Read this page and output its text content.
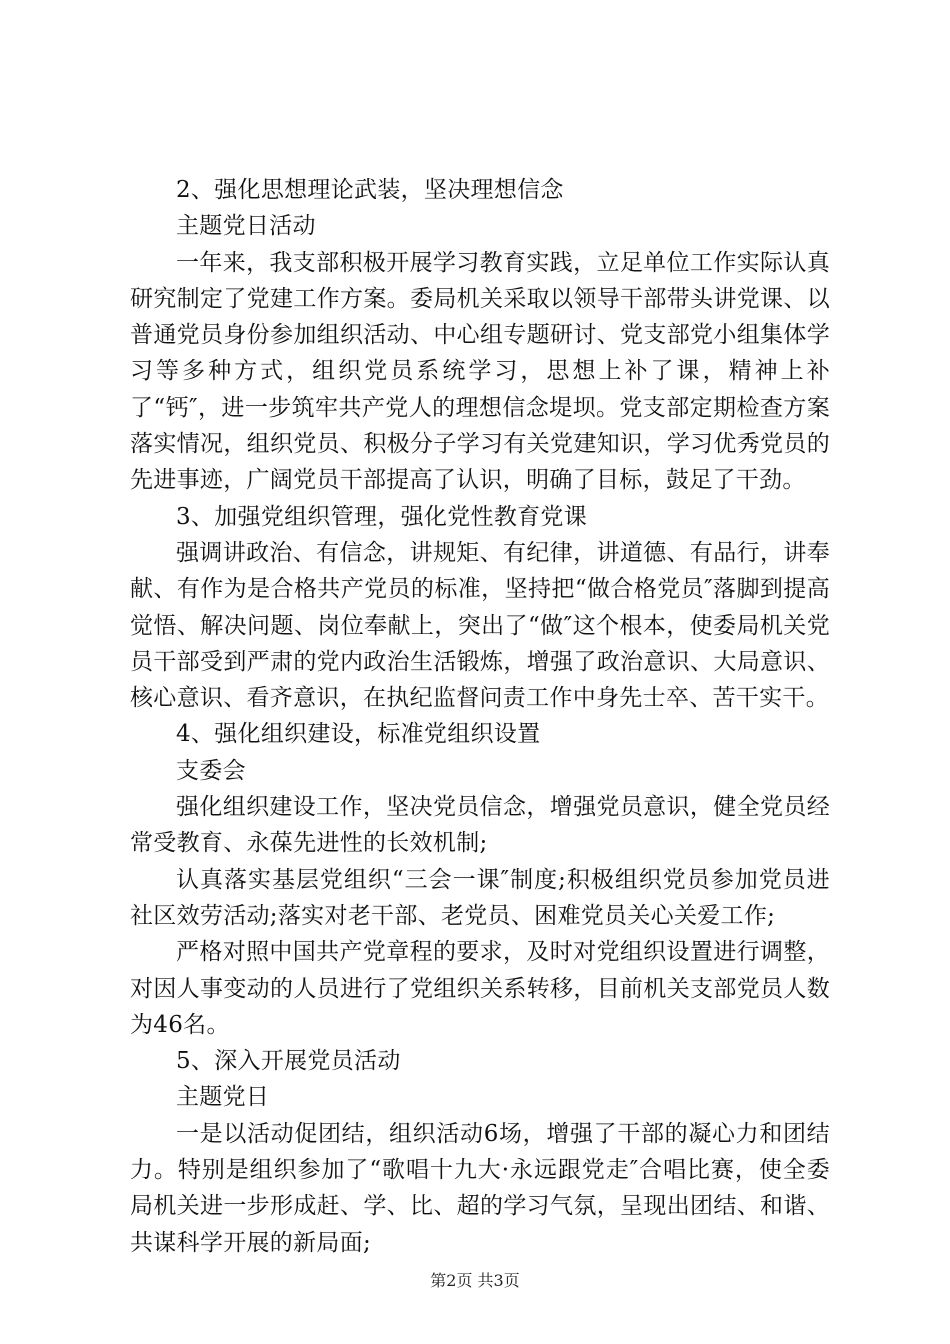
2、强化思想理论武装，坚决理想信念

主题党日活动

一年来，我支部积极开展学习教育实践，立足单位工作实际认真研究制定了党建工作方案。委局机关采取以领导干部带头讲党课、以普通党员身份参加组织活动、中心组专题研讨、党支部党小组集体学习等多种方式，组织党员系统学习，思想上补了课，精神上补了“钙″，进一步筑牢共产党人的理想信念堤坝。党支部定期检查方案落实情况，组织党员、积极分子学习有关党建知识，学习优秀党员的先进事迹，广阔党员干部提高了认识，明确了目标，鼓足了干劲。

3、加强党组织管理，强化党性教育党课

强调讲政治、有信念，讲规矩、有纪律，讲道德、有品行，讲奉献、有作为是合格共产党员的标准，坚持把“做合格党员″落脚到提高觉悟、解决问题、岗位奉献上，突出了“做″这个根本，使委局机关党员干部受到严肃的党内政治生活锻炼，增强了政治意识、大局意识、核心意识、看齐意识，在执纪监督问责工作中身先士卒、苦干实干。

4、强化组织建设，标准党组织设置

支委会

强化组织建设工作，坚决党员信念，增强党员意识，健全党员经常受教育、永葆先进性的长效机制;

认真落实基层党组织“三会一课″制度;积极组织党员参加党员进社区效劳活动;落实对老干部、老党员、困难党员关心关爱工作;

严格对照中国共产党章程的要求，及时对党组织设置进行调整，对因人事变动的人员进行了党组织关系转移，目前机关支部党员人数为46名。

5、深入开展党员活动

主题党日

一是以活动促团结，组织活动6场，增强了干部的凝心力和团结力。特别是组织参加了“歌唱十九大·永远跟党走″合唱比赛，使全委局机关进一步形成赶、学、比、超的学习气氛，呈现出团结、和谐、共谋科学开展的新局面;

第2页 共3页
